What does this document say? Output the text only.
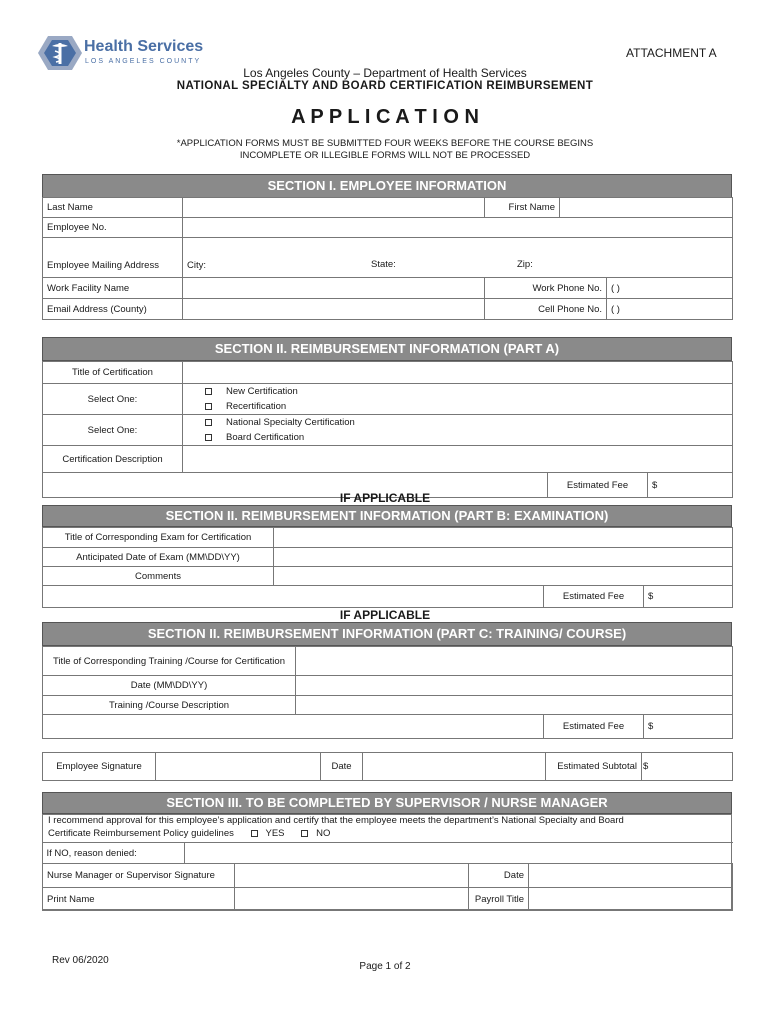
Health Services
LOS ANGELES COUNTY
ATTACHMENT A
Los Angeles County – Department of Health Services
NATIONAL SPECIALTY AND BOARD CERTIFICATION REIMBURSEMENT
A P P L I C A T I O N
*APPLICATION FORMS MUST BE SUBMITTED FOUR WEEKS BEFORE THE COURSE BEGINS
INCOMPLETE OR ILLEGIBLE FORMS WILL NOT BE PROCESSED
SECTION I. EMPLOYEE INFORMATION
Last Name		First Name		
Employee No.				

Employee Mailing Address	City: State: Zip:			

Work Facility Name		Work Phone No.		( )
Email Address (County)		Cell Phone No.		( )
SECTION II. REIMBURSEMENT INFORMATION (PART A)
Title of Certification			
Select One:	New Certification
Recertification		

Select One:	National Specialty Certification
Board Certification		

Certification Description			
		Estimated Fee	$
IF APPLICABLE
SECTION II. REIMBURSEMENT INFORMATION (PART B: EXAMINATION)
Title of Corresponding Exam for Certification			
Anticipated Date of Exam (MM\DD\YY)			
Comments			
		Estimated Fee	$
IF APPLICABLE
SECTION II. REIMBURSEMENT INFORMATION (PART C: TRAINING/ COURSE)
Title of Corresponding Training /Course for Certification			
Date (MM\DD\YY)			
Training /Course Description			
		Estimated Fee	$
Employee Signature		Date		Estimated Subtotal	$
SECTION III. TO BE COMPLETED BY SUPERVISOR / NURSE MANAGER
I recommend approval for this employee’s application and certify that the employee meets the department’s National Specialty and Board
Certificate Reimbursement Policy guidelines	YES	NO
If NO, reason denied:				
Nurse Manager or Supervisor Signature			Date	
Print Name			Payroll Title	
Rev 06/2020
Page 1 of 2
